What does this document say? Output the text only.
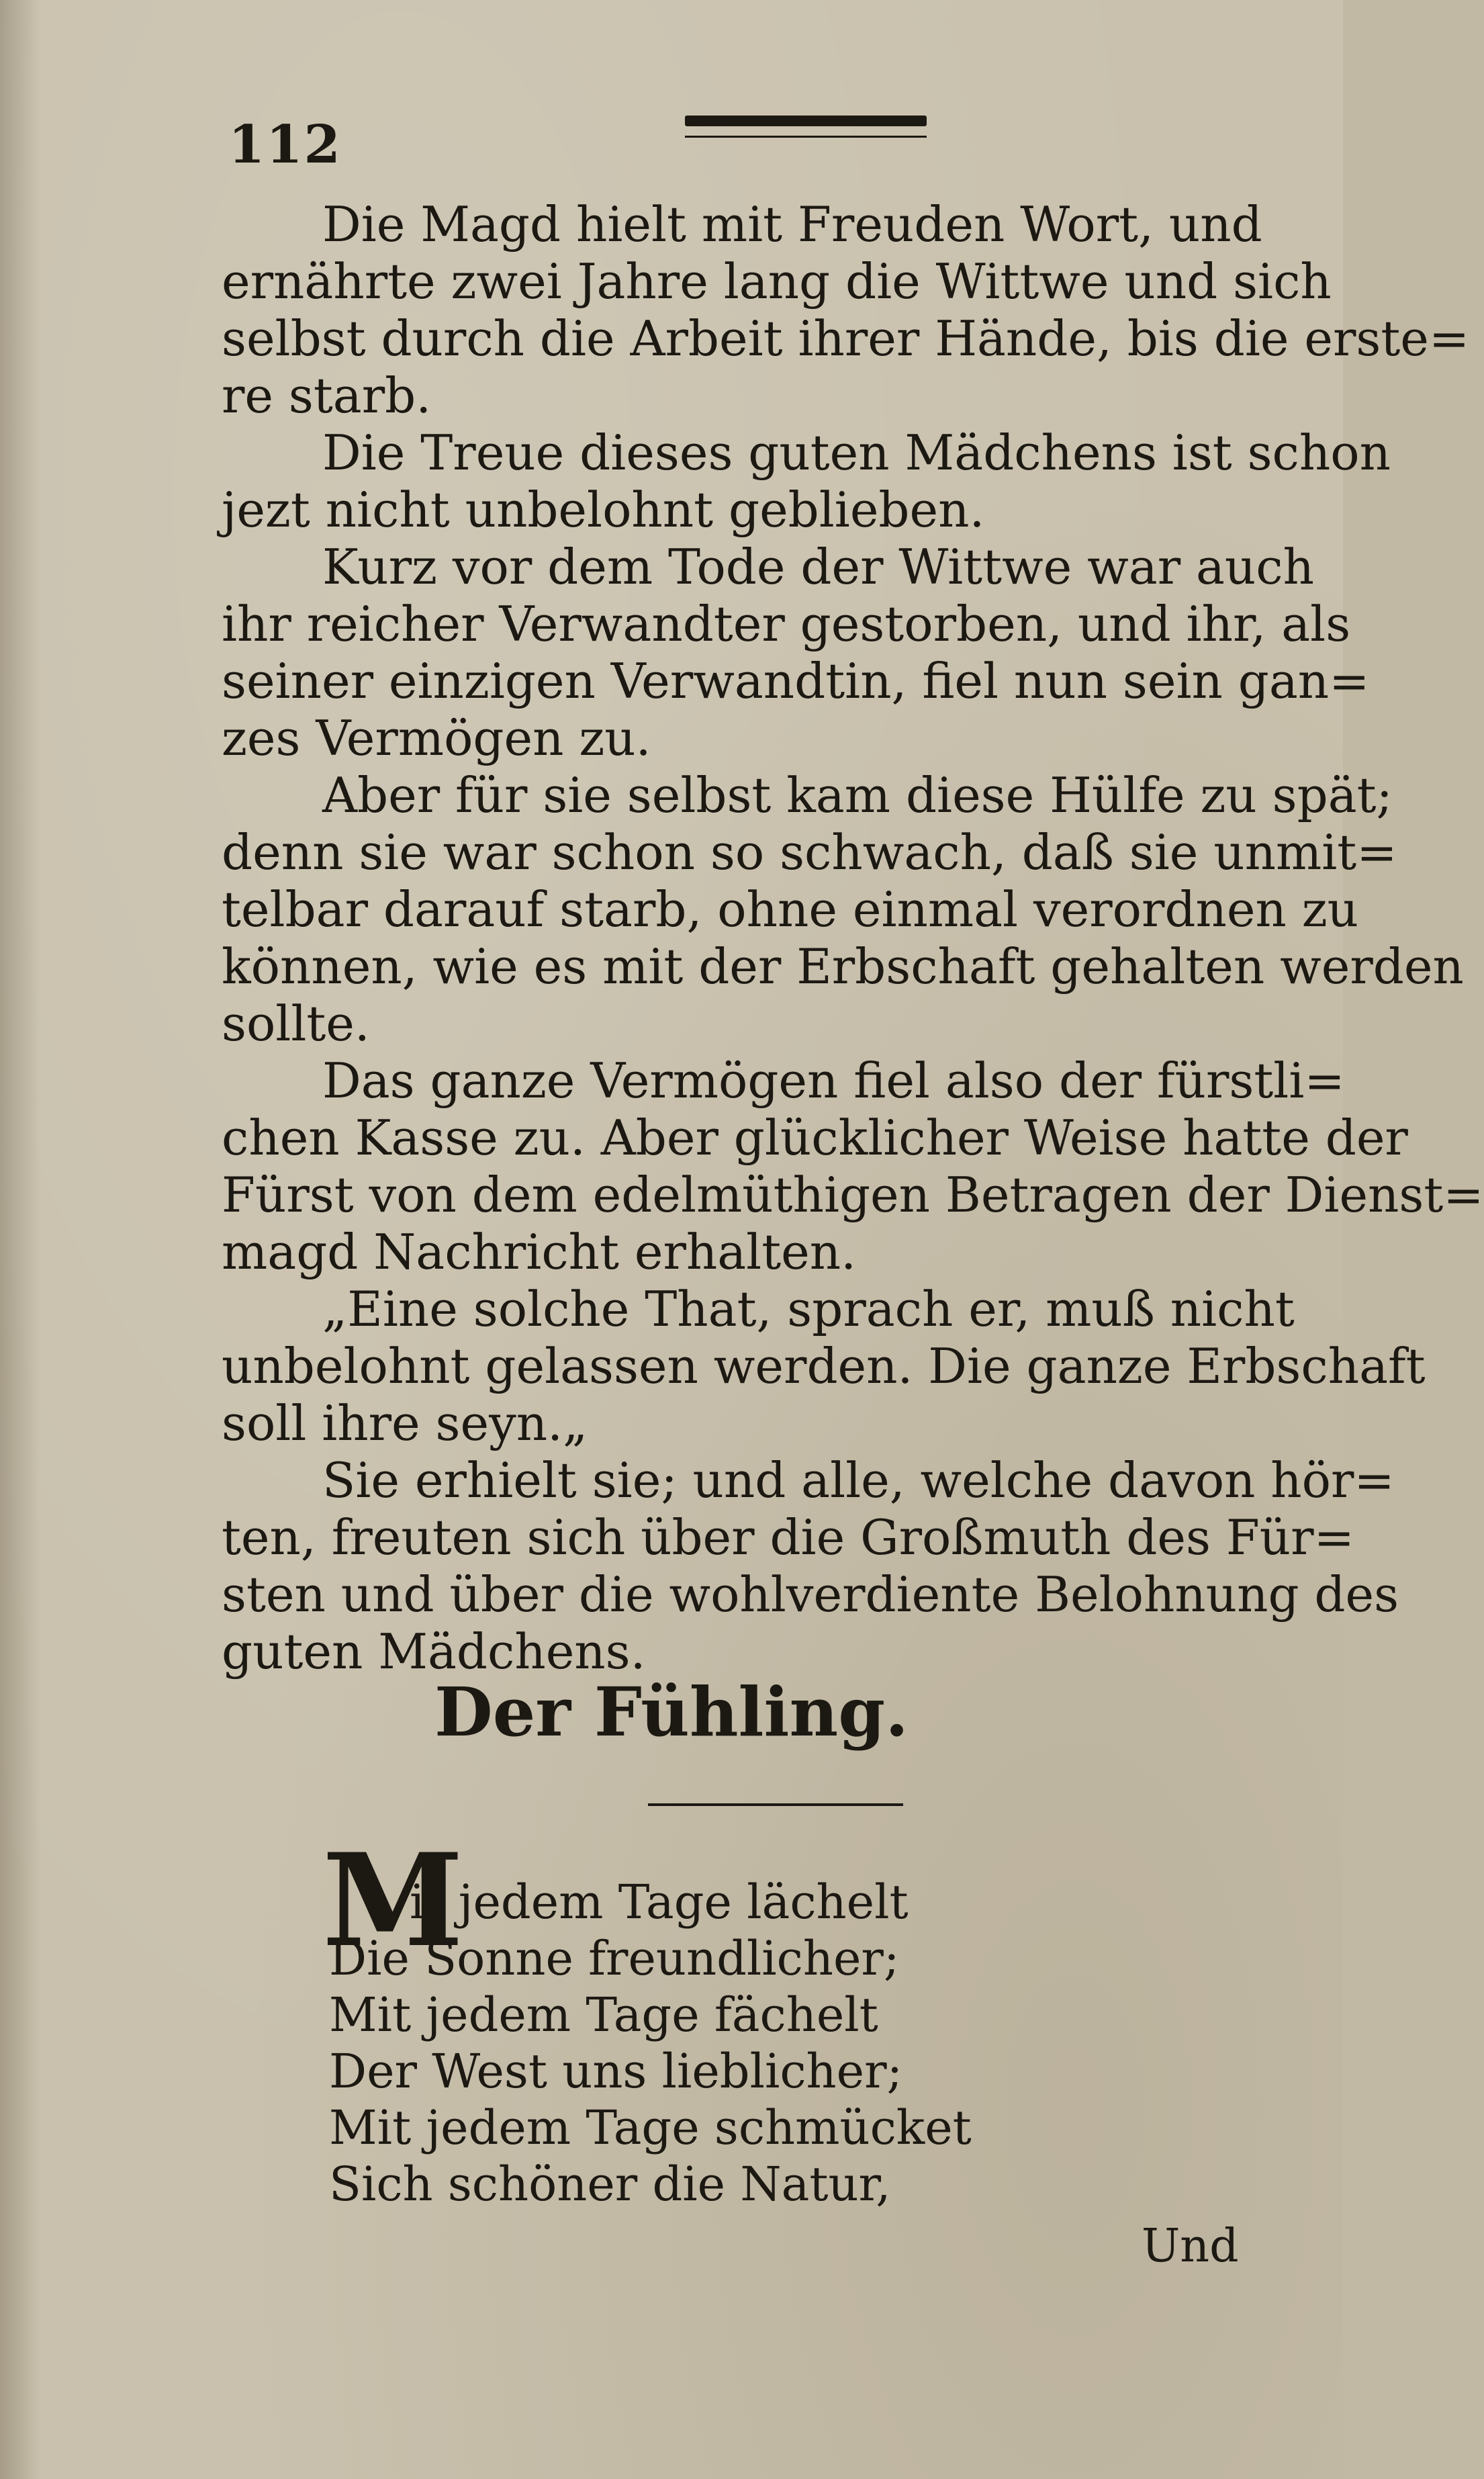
112
Die Magd hielt mit Freuden Wort, und
ernährte zwei Jahre lang die Wittwe und sich
selbst durch die Arbeit ihrer Hände, bis die erste=
re starb.
Die Treue dieses guten Mädchens ist schon
jezt nicht unbelohnt geblieben.
Kurz vor dem Tode der Wittwe war auch
ihr reicher Verwandter gestorben, und ihr, als
seiner einzigen Verwandtin, fiel nun sein gan=
zes Vermögen zu.
Aber für sie selbst kam diese Hülfe zu spät;
denn sie war schon so schwach, daß sie unmit=
telbar darauf starb, ohne einmal verordnen zu
können, wie es mit der Erbschaft gehalten werden
sollte.
Das ganze Vermögen fiel also der fürstli=
chen Kasse zu. Aber glücklicher Weise hatte der
Fürst von dem edelmüthigen Betragen der Dienst=
magd Nachricht erhalten.
„Eine solche That, sprach er, muß nicht
unbelohnt gelassen werden. Die ganze Erbschaft
soll ihre seyn.„
Sie erhielt sie; und alle, welche davon hör=
ten, freuten sich über die Großmuth des Für=
sten und über die wohlverdiente Belohnung des
guten Mädchens.
Der Fühling.
M
it jedem Tage lächelt
Die Sonne freundlicher;
Mit jedem Tage fächelt
Der West uns lieblicher;
Mit jedem Tage schmücket
Sich schöner die Natur,
Und
